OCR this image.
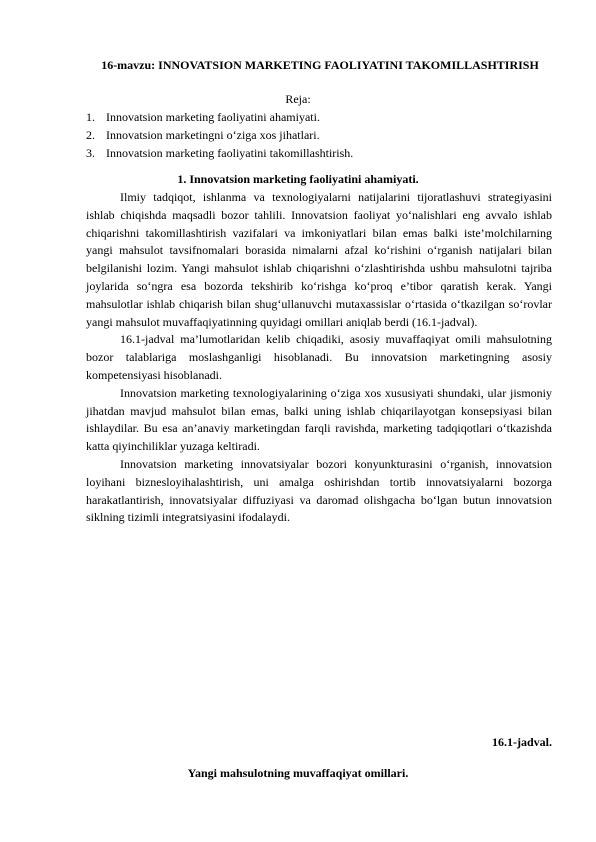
16-mavzu: INNOVATSION MARKETING FAOLIYATINI TAKOMILLASHTIRISH
Reja:
1. Innovatsion marketing faoliyatini ahamiyati.
2. Innovatsion marketingni o‘ziga xos jihatlari.
3. Innovatsion marketing faoliyatini takomillashtirish.
1. Innovatsion marketing faoliyatini ahamiyati.

Ilmiy tadqiqot, ishlanma va texnologiyalarni natijalarini tijoratlashuvi strategiyasini ishlab chiqishda maqsadli bozor tahlili. Innovatsion faoliyat yo‘nalishlari eng avvalo ishlab chiqarishni takomillashtirish vazifalari va imkoniyatlari bilan emas balki iste’molchilarning yangi mahsulot tavsifnomalari borasida nimalarni afzal ko‘rishini o‘rganish natijalari bilan belgilanishi lozim. Yangi mahsulot ishlab chiqarishni o‘zlashtirishda ushbu mahsulotni tajriba joylarida so‘ngra esa bozorda tekshirib ko‘rishga ko‘proq e’tibor qaratish kerak. Yangi mahsulotlar ishlab chiqarish bilan shug‘ullanuvchi mutaxassislar o‘rtasida o‘tkazilgan so‘rovlar yangi mahsulot muvaffaqiyatinning quyidagi omillari aniqlab berdi (16.1-jadval).

16.1-jadval ma’lumotlaridan kelib chiqadiki, asosiy muvaffaqiyat omili mahsulotning bozor talablariga moslashganligi hisoblanadi. Bu innovatsion marketingning asosiy kompetensiyasi hisoblanadi.

Innovatsion marketing texnologiyalarining o‘ziga xos xususiyati shundaki, ular jismoniy jihatdan mavjud mahsulot bilan emas, balki uning ishlab chiqarilayotgan konsepsiyasi bilan ishlaydilar. Bu esa an’anaviy marketingdan farqli ravishda, marketing tadqiqotlari o‘tkazishda katta qiyinchiliklar yuzaga keltiradi.

Innovatsion marketing innovatsiyalar bozori konyunkturasini o‘rganish, innovatsion loyihani biznesloyihalashtirish, uni amalga oshirishdan tortib innovatsiyalarni bozorga harakatlantirish, innovatsiyalar diffuziyasi va daromad olishgacha bo‘lgan butun innovatsion siklning tizimli integratsiyasini ifodalaydi.

16.1-jadval.
Yangi mahsulotning muvaffaqiyat omillari.
